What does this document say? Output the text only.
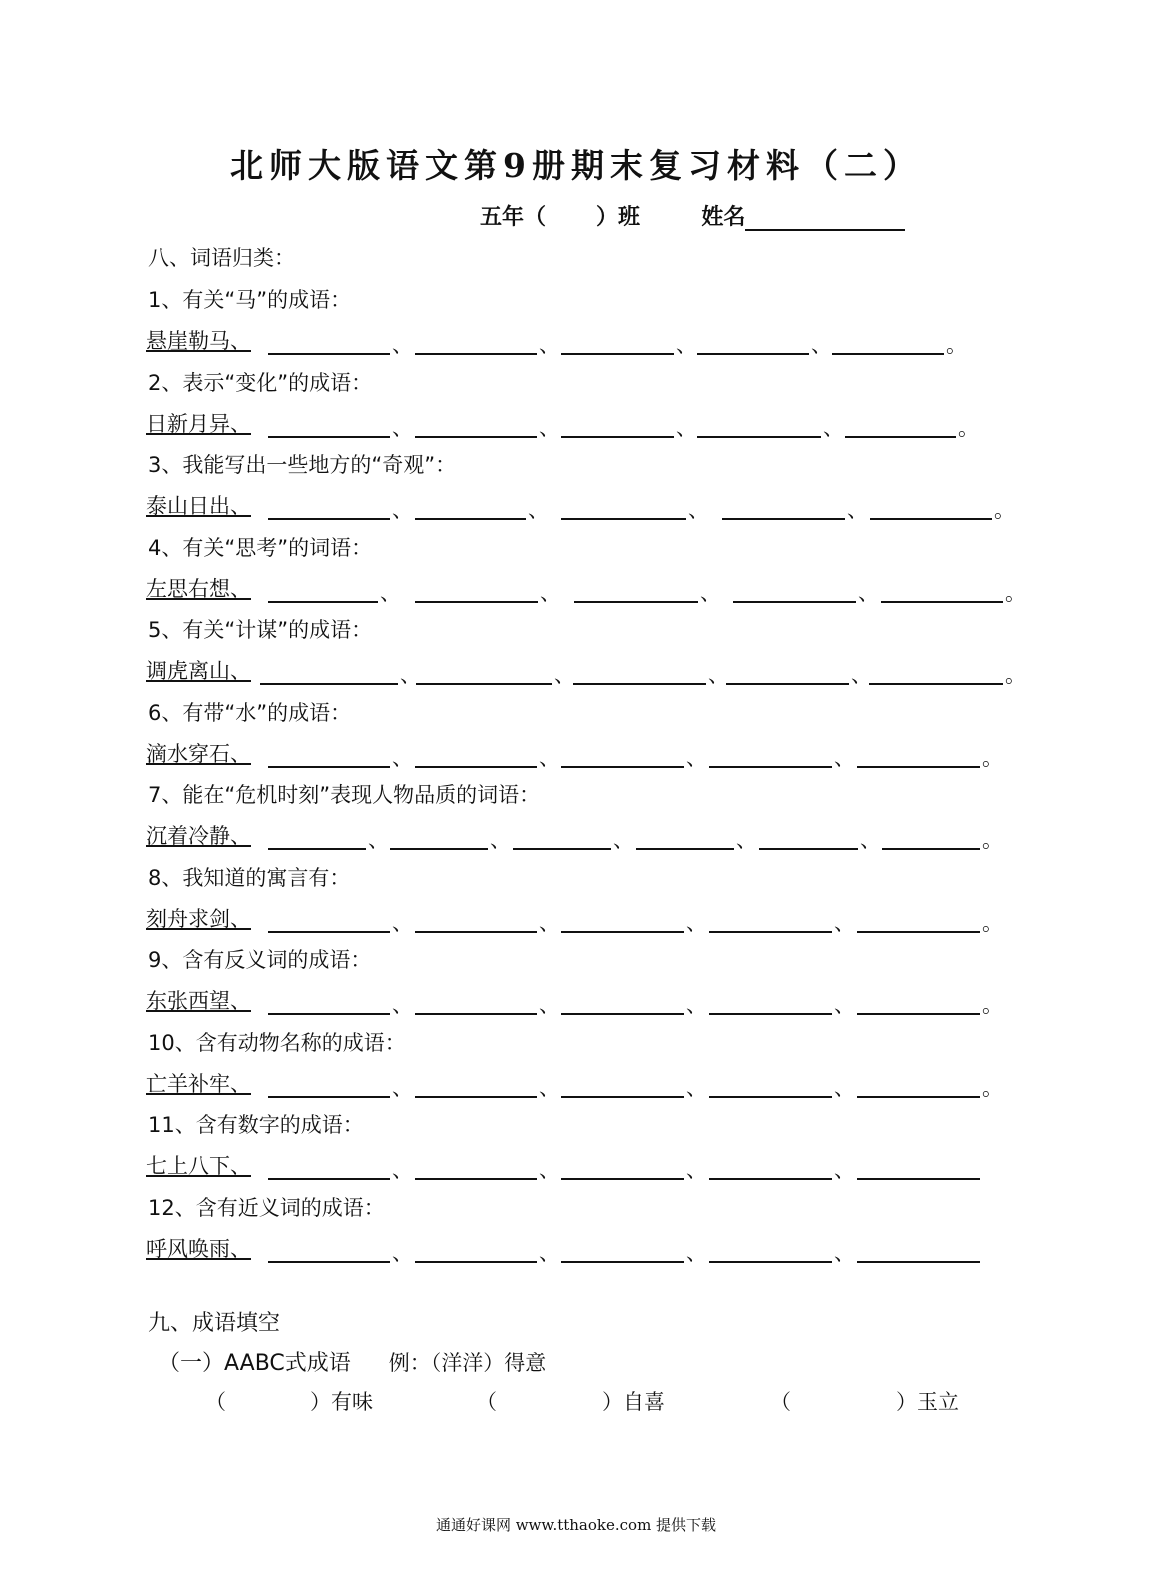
北师大版语文第9册期末复习材料（二）
五年（ ）班	姓名
八、词语归类：
1、有关“马”的成语：
悬崖勒马、	、	、	、	、	。
2、表示“变化”的成语：
日新月异、	、	、	、	、	。
3、我能写出一些地方的“奇观”：
泰山日出、	、	、	、	、	。
4、有关“思考”的词语：
左思右想、	、	、	、	、	。
5、有关“计谋”的成语：
调虎离山、	、	、	、	、	。
6、有带“水”的成语：
滴水穿石、	、	、	、	、	。
7、能在“危机时刻”表现人物品质的词语：
沉着冷静、	、	、	、	、	、	。
8、我知道的寓言有：
刻舟求剑、	、	、	、	、	。
9、含有反义词的成语：
东张西望、	、	、	、	、	。
10、含有动物名称的成语：
亡羊补牢、	、	、	、	、	。
11、含有数字的成语：
七上八下、	、	、	、	、
12、含有近义词的成语：
呼风唤雨、	、	、	、	、
九、成语填空
（一）AABC式成语 例：（洋洋）得意
（　　　　）有味	（　　　　　）自喜	（　　　　　）玉立
通通好课网 www.tthaoke.com 提供下载
